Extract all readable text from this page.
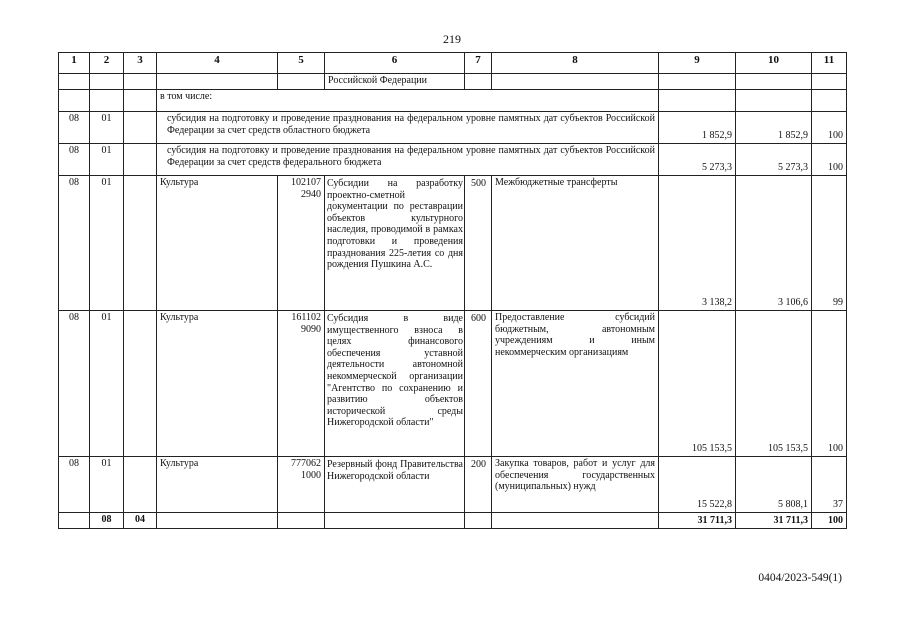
219
1	2	3	4	5	6	7	8	9	10	11
					Российской Федерации					
			в том числе:							
08	01		субсидия на подготовку и проведение празднования на федеральном уровне памятных дат субъектов Российской Федерации за счет средств областного бюджета					1 852,9	1 852,9	100
08	01		субсидия на подготовку и проведение празднования на федеральном уровне памятных дат субъектов Российской Федерации за счет средств федерального бюджета					5 273,3	5 273,3	100
08	01		Культура	102107 2940	Субсидии на разработку проектно-сметной документации по реставрации объектов культурного наследия, проводимой в рамках подготовки и проведения празднования 225-летия со дня рождения Пушкина А.С.	500	Межбюджетные трансферты	3 138,2	3 106,6	99
08	01		Культура	161102 9090	Субсидия в виде имущественного взноса в целях финансового обеспечения уставной деятельности автономной некоммерческой организации "Агентство по сохранению и развитию объектов исторической среды Нижегородской области"	600	Предоставление субсидий бюджетным, автономным учреждениям и иным некоммерческим организациям	105 153,5	105 153,5	100
08	01		Культура	777062 1000	Резервный фонд Правительства Нижегородской области	200	Закупка товаров, работ и услуг для обеспечения государственных (муниципальных) нужд	15 522,8	5 808,1	37
	08	04						31 711,3	31 711,3	100
0404/2023-549(1)
